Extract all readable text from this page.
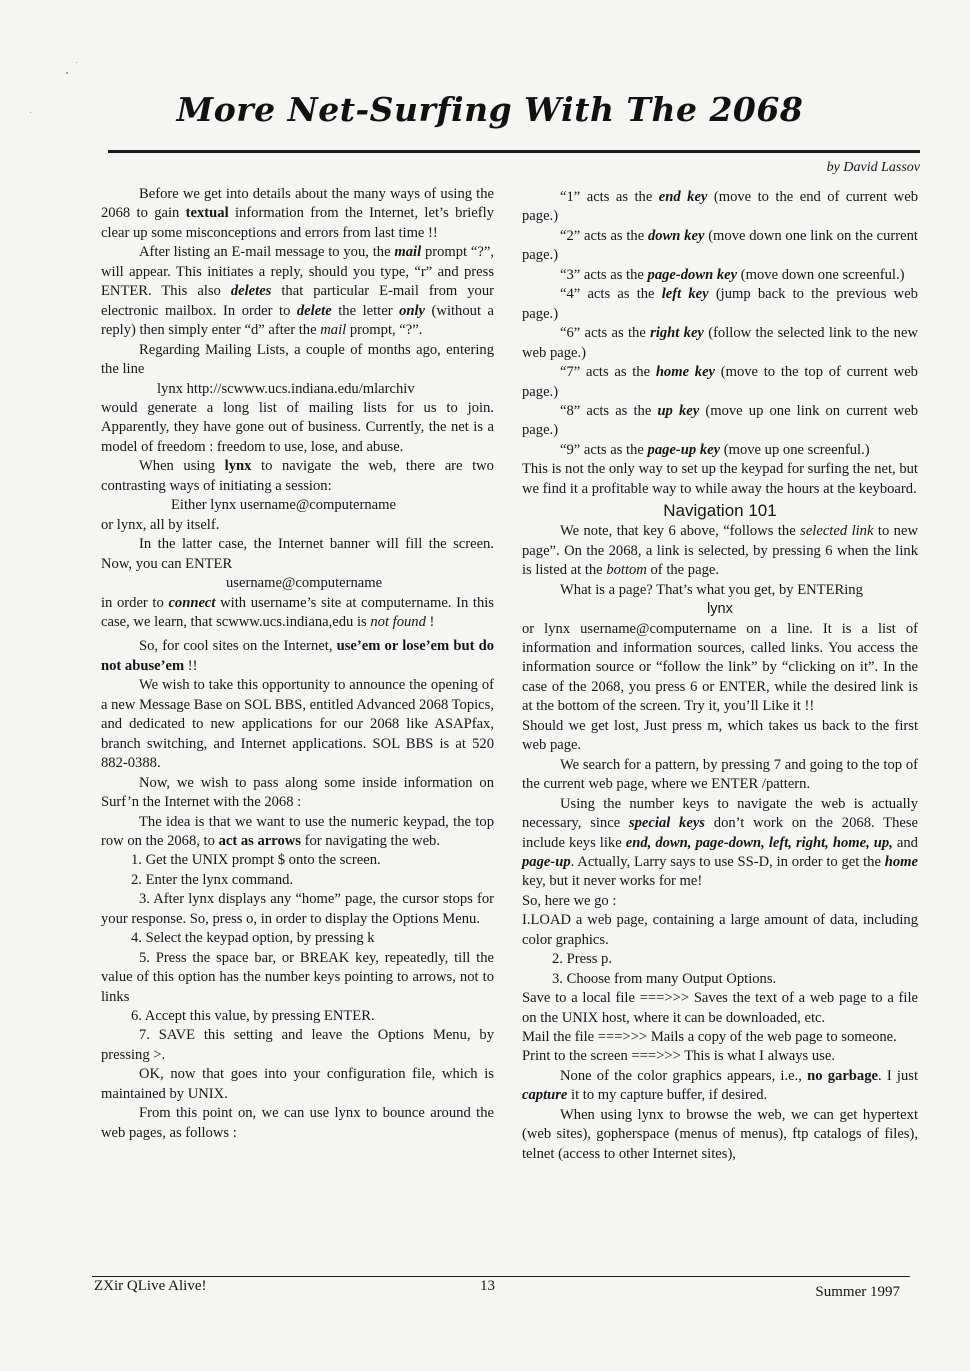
More Net-Surfing With The 2068
by David Lassov

Before we get into details about the many ways of using the 2068 to gain textual information from the Internet, let’s briefly clear up some misconceptions and errors from last time !!

After listing an E-mail message to you, the mail prompt “?”, will appear. This initiates a reply, should you type, “r” and press ENTER. This also deletes that particular E-mail from your electronic mailbox. In order to delete the letter only (without a reply) then simply enter “d” after the mail prompt, “?”.

Regarding Mailing Lists, a couple of months ago, entering the line

lynx http://scwww.ucs.indiana.edu/mlarchiv

would generate a long list of mailing lists for us to join. Apparently, they have gone out of business. Currently, the net is a model of freedom : freedom to use, lose, and abuse.

When using lynx to navigate the web, there are two contrasting ways of initiating a session:

Either lynx username@computername

or lynx, all by itself.

In the latter case, the Internet banner will fill the screen. Now, you can ENTER

username@computername

in order to connect with username’s site at computername. In this case, we learn, that scwww.ucs.indiana,edu is not found !

So, for cool sites on the Internet, use’em or lose’em but do not abuse’em !!

We wish to take this opportunity to announce the opening of a new Message Base on SOL BBS, entitled Advanced 2068 Topics, and dedicated to new applications for our 2068 like ASAPfax, branch switching, and Internet applications. SOL BBS is at 520 882-0388.

Now, we wish to pass along some inside information on Surf’n the Internet with the 2068 :

The idea is that we want to use the numeric keypad, the top row on the 2068, to act as arrows for navigating the web.

1. Get the UNIX prompt $ onto the screen.

2. Enter the lynx command.

3. After lynx displays any “home” page, the cursor stops for your response. So, press o, in order to display the Options Menu.

4. Select the keypad option, by pressing k

5. Press the space bar, or BREAK key, repeatedly, till the value of this option has the number keys pointing to arrows, not to links

6. Accept this value, by pressing ENTER.

7. SAVE this setting and leave the Options Menu, by pressing >.

OK, now that goes into your configuration file, which is maintained by UNIX.

From this point on, we can use lynx to bounce around the web pages, as follows :

“1” acts as the end key (move to the end of current web page.)

“2” acts as the down key (move down one link on the current page.)

“3” acts as the page-down key (move down one screenful.)

“4” acts as the left key (jump back to the previous web page.)

“6” acts as the right key (follow the selected link to the new web page.)

“7” acts as the home key (move to the top of current web page.)

“8” acts as the up key (move up one link on current web page.)

“9” acts as the page-up key (move up one screenful.)

This is not the only way to set up the keypad for surfing the net, but we find it a profitable way to while away the hours at the keyboard.

Navigation 101

We note, that key 6 above, “follows the selected link to new page”. On the 2068, a link is selected, by pressing 6 when the link is listed at the bottom of the page.

What is a page? That’s what you get, by ENTERing

lynx

or lynx username@computername on a line. It is a list of information and information sources, called links. You access the information source or “follow the link” by “clicking on it”. In the case of the 2068, you press 6 or ENTER, while the desired link is at the bottom of the screen. Try it, you’ll Like it !!

Should we get lost, Just press m, which takes us back to the first web page.

We search for a pattern, by pressing 7 and going to the top of the current web page, where we ENTER /pattern.

Using the number keys to navigate the web is actually necessary, since special keys don’t work on the 2068. These include keys like end, down, page-down, left, right, home, up, and page-up. Actually, Larry says to use SS-D, in order to get the home key, but it never works for me!

So, here we go :

I.LOAD a web page, containing a large amount of data, including color graphics.

2. Press p.

3. Choose from many Output Options.

Save to a local file ===>>> Saves the text of a web page to a file on the UNIX host, where it can be downloaded, etc.

Mail the file ===>>> Mails a copy of the web page to someone.

Print to the screen ===>>> This is what I always use.

None of the color graphics appears, i.e., no garbage. I just capture it to my capture buffer, if desired.

When using lynx to browse the web, we can get hypertext (web sites), gopherspace (menus of menus), ftp catalogs of files), telnet (access to other Internet sites),

ZXir QLive Alive!	13	Summer 1997
